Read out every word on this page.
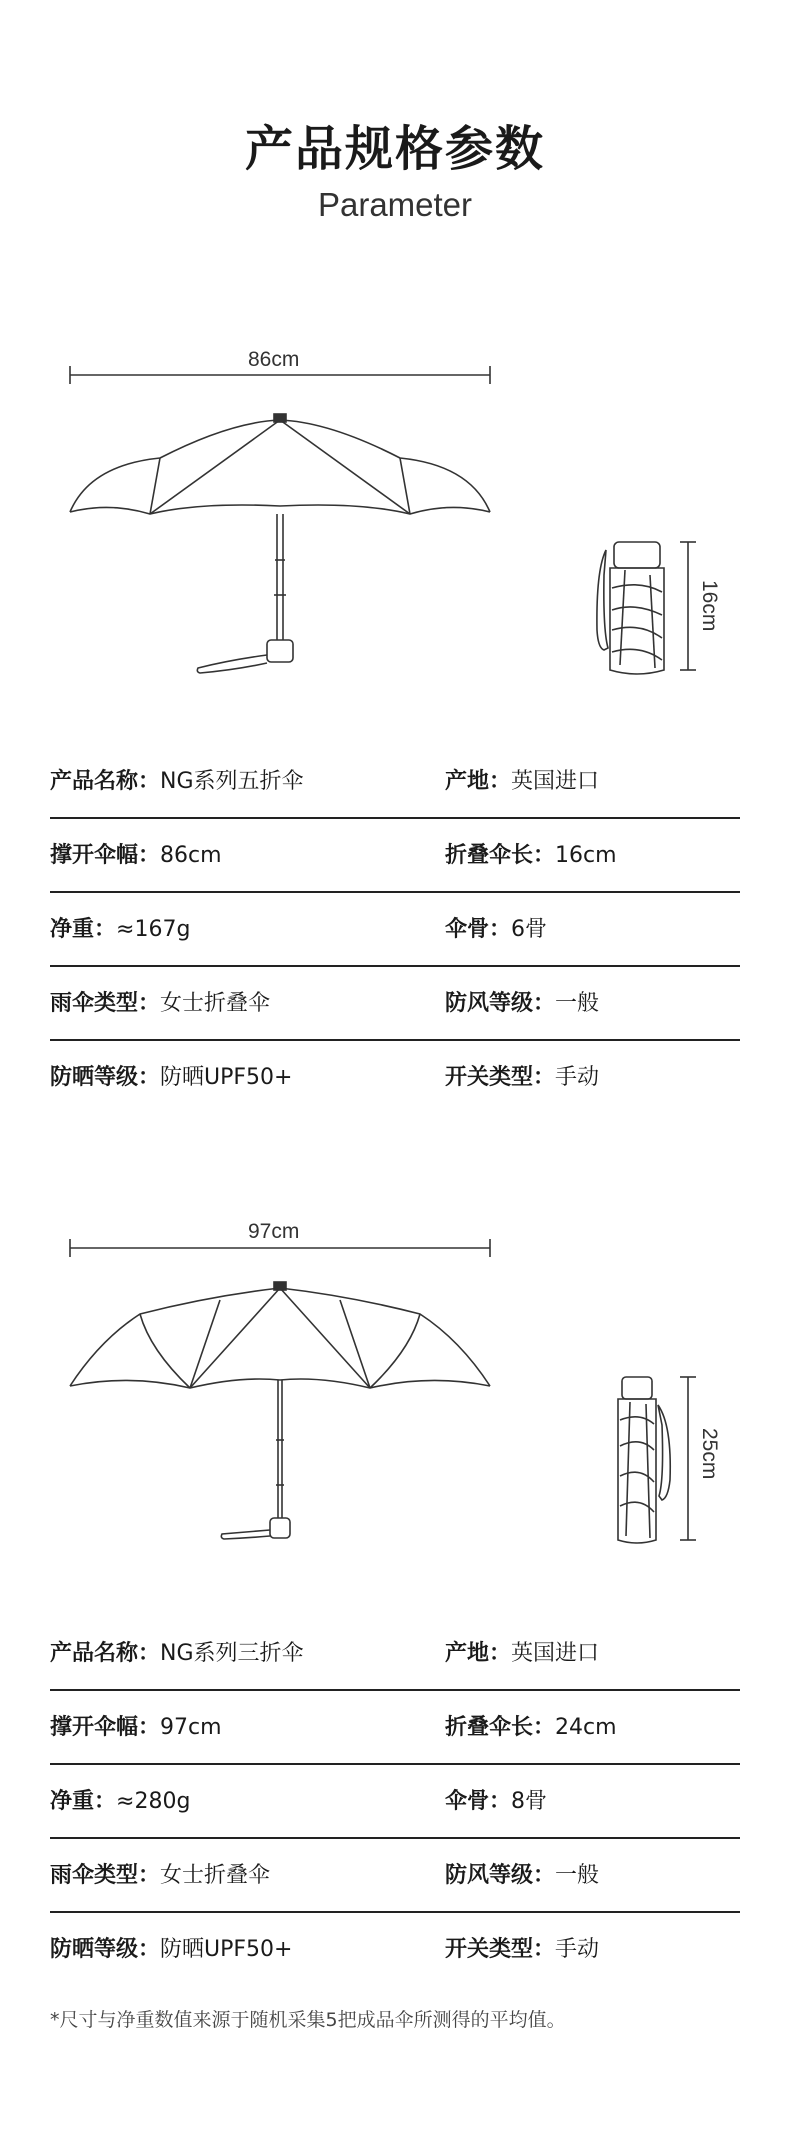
产品规格参数
Parameter
86cm
16cm
产品名称：NG系列五折伞	产地：英国进口
撑开伞幅：86cm	折叠伞长：16cm
净重：≈167g	伞骨：6骨
雨伞类型：女士折叠伞	防风等级：一般
防晒等级：防晒UPF50+	开关类型：手动
97cm
25cm
产品名称：NG系列三折伞	产地：英国进口
撑开伞幅：97cm	折叠伞长：24cm
净重：≈280g	伞骨：8骨
雨伞类型：女士折叠伞	防风等级：一般
防晒等级：防晒UPF50+	开关类型：手动
*尺寸与净重数值来源于随机采集5把成品伞所测得的平均值。
